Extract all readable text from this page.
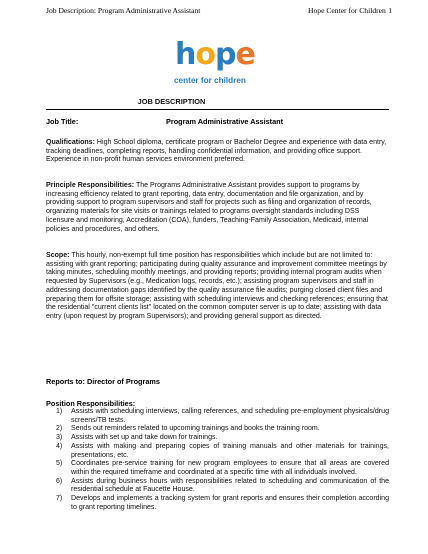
Job Description: Program Administrative Assistant	Hope Center for Children 1
hope
center for children
JOB DESCRIPTION
Job Title:	Program Administrative Assistant

Qualifications: High School diploma, certificate program or Bachelor Degree and experience with data entry, tracking deadlines, completing reports, handling confidential information, and providing office support. Experience in non-profit human services environment preferred.

Principle Responsibilities: The Programs Administrative Assistant provides support to programs by increasing efficiency related to grant reporting, data entry, documentation and file organization, and by providing support to program supervisors and staff for projects such as filing and organization of records, organizing materials for site visits or trainings related to programs oversight standards including DSS licensure and monitoring, Accreditation (COA), funders, Teaching-Family Association, Medicaid, internal policies and procedures, and others.

Scope: This hourly, non-exempt full time position has responsibilities which include but are not limited to: assisting with grant reporting; participating during quality assurance and improvement committee meetings by taking minutes, scheduling monthly meetings, and providing reports; providing internal program audits when requested by Supervisors (e.g., Medication logs, records, etc.); assisting program supervisors and staff in addressing documentation gaps identified by the quality assurance file audits; purging closed client files and preparing them for offsite storage; assisting with scheduling interviews and checking references; ensuring that the residential "current clients list" located on the common computer server is up to date; assisting with data entry (upon request by program Supervisors); and providing general support as directed.

Reports to: Director of Programs
Position Responsibilities:
1) Assists with scheduling interviews, calling references, and scheduling pre-employment physicals/drug screens/TB tests.
2) Sends out reminders related to upcoming trainings and books the training room.
3) Assists with set up and take down for trainings.
4) Assists with making and preparing copies of training manuals and other materials for trainings, presentations, etc.
5) Coordinates pre-service training for new program employees to ensure that all areas are covered within the required timeframe and coordinated at a specific time with all individuals involved.
6) Assists during business hours with responsibilities related to scheduling and communication of the residential schedule at Faucette House.
7) Develops and implements a tracking system for grant reports and ensures their completion according to grant reporting timelines.
